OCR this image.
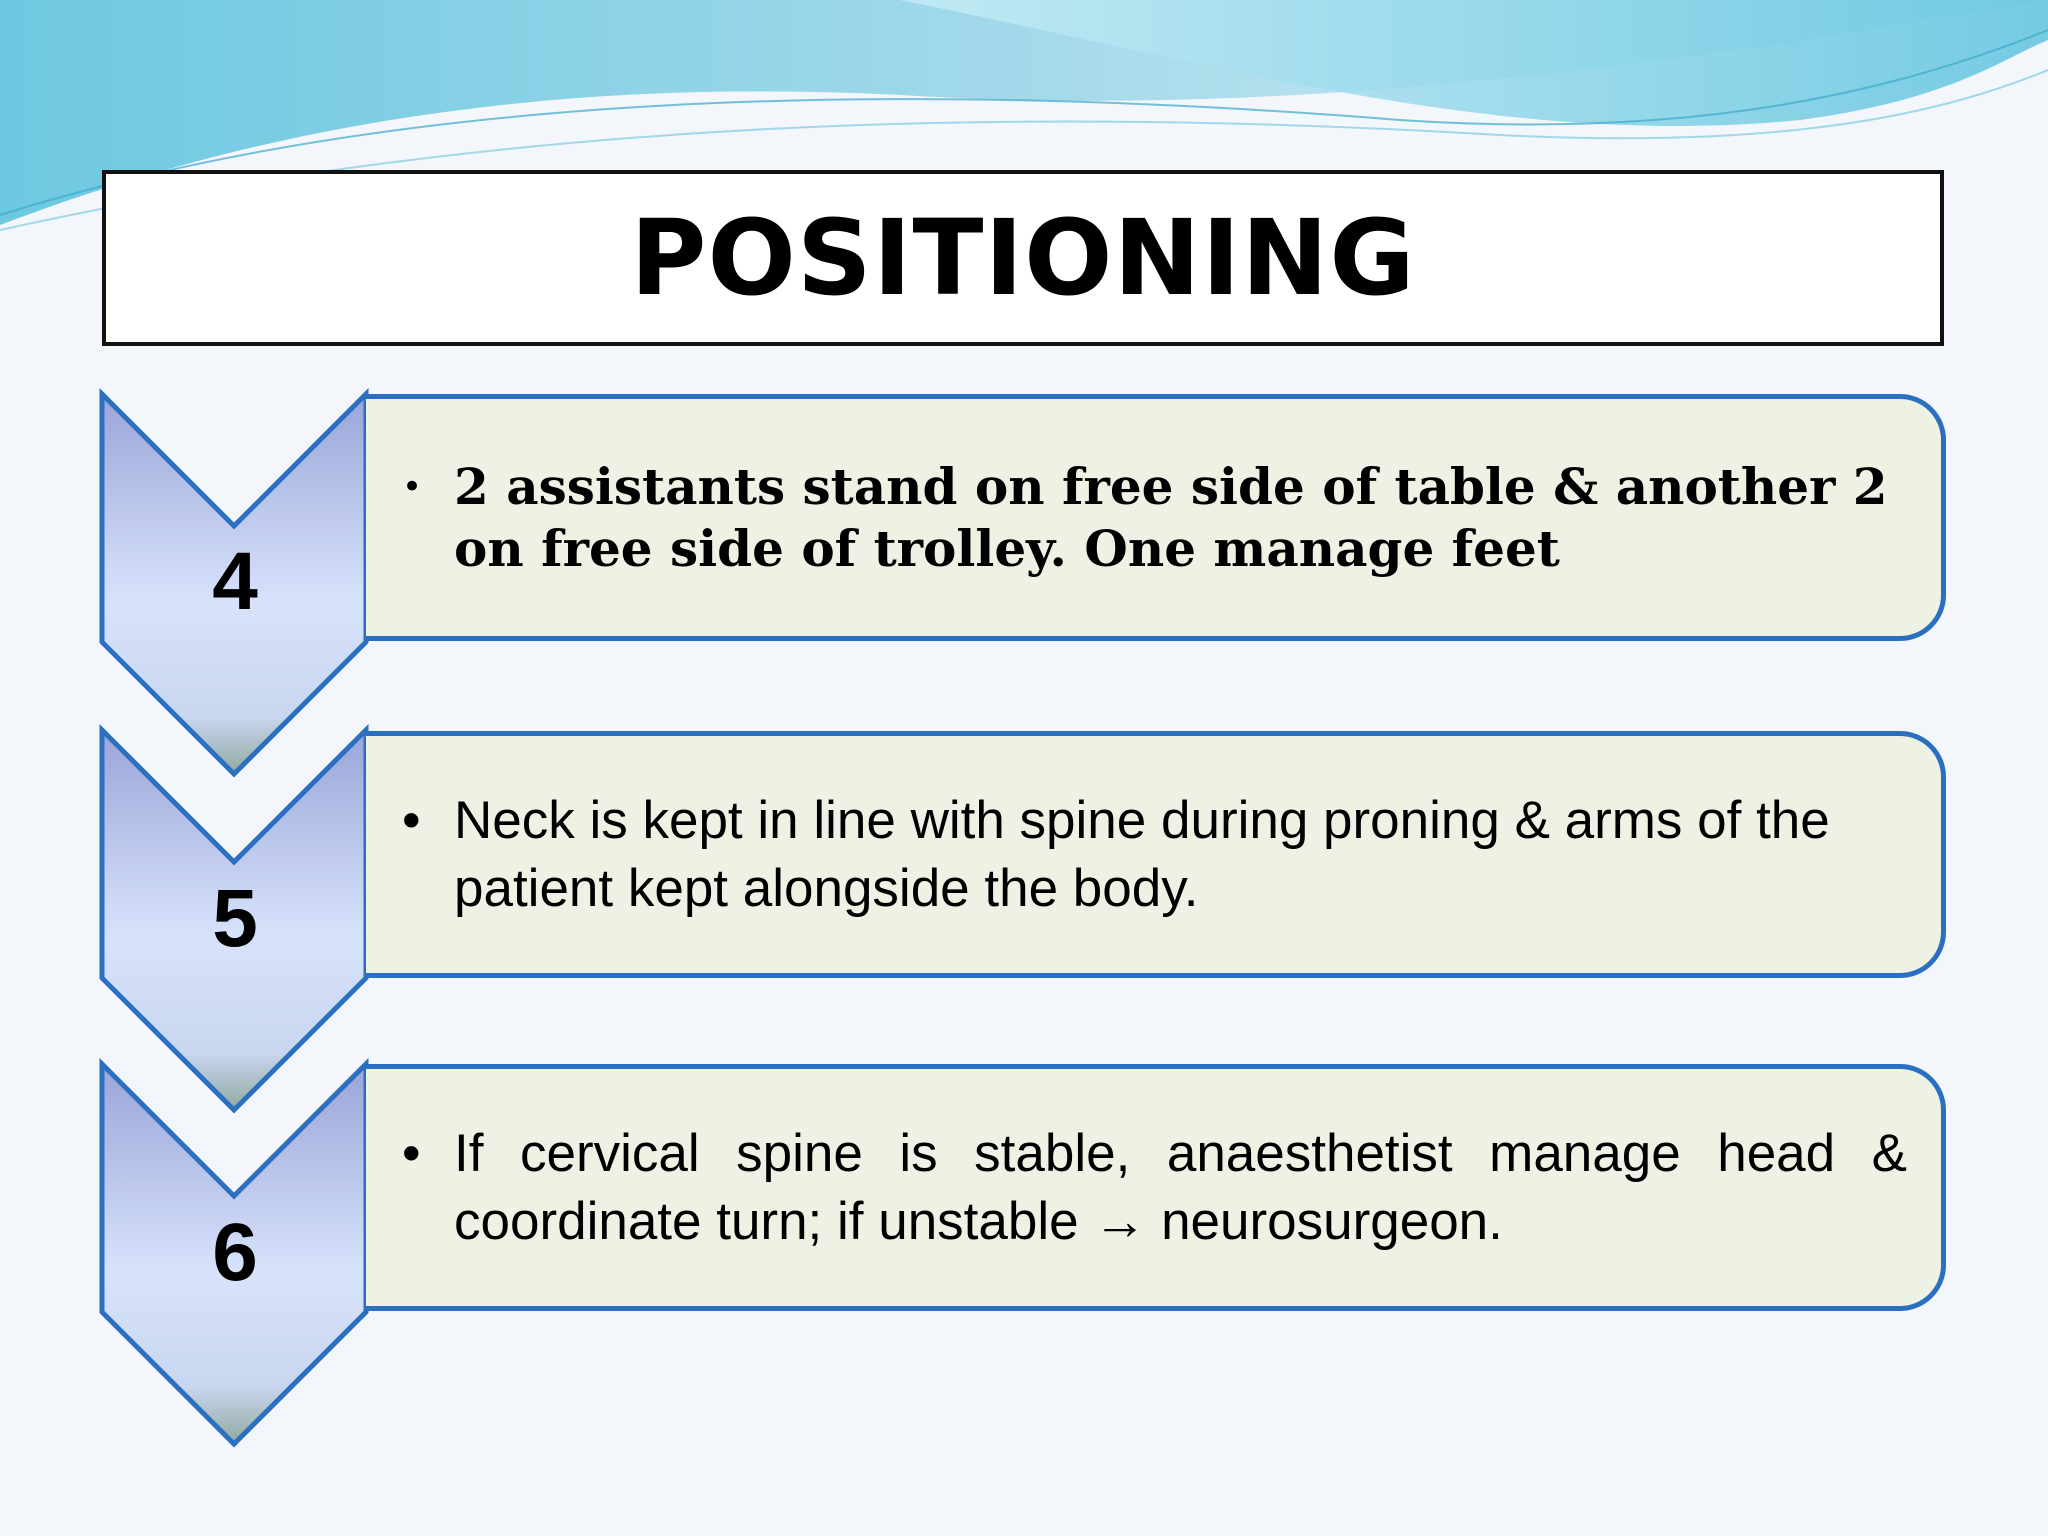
POSITIONING
4
• 2 assistants stand on free side of table & another 2 on free side of trolley. One manage feet
5
• Neck is kept in line with spine during proning & arms of the patient kept alongside the body.
6
• If cervical spine is stable, anaesthetist manage head & coordinate turn; if unstable → neurosurgeon.
